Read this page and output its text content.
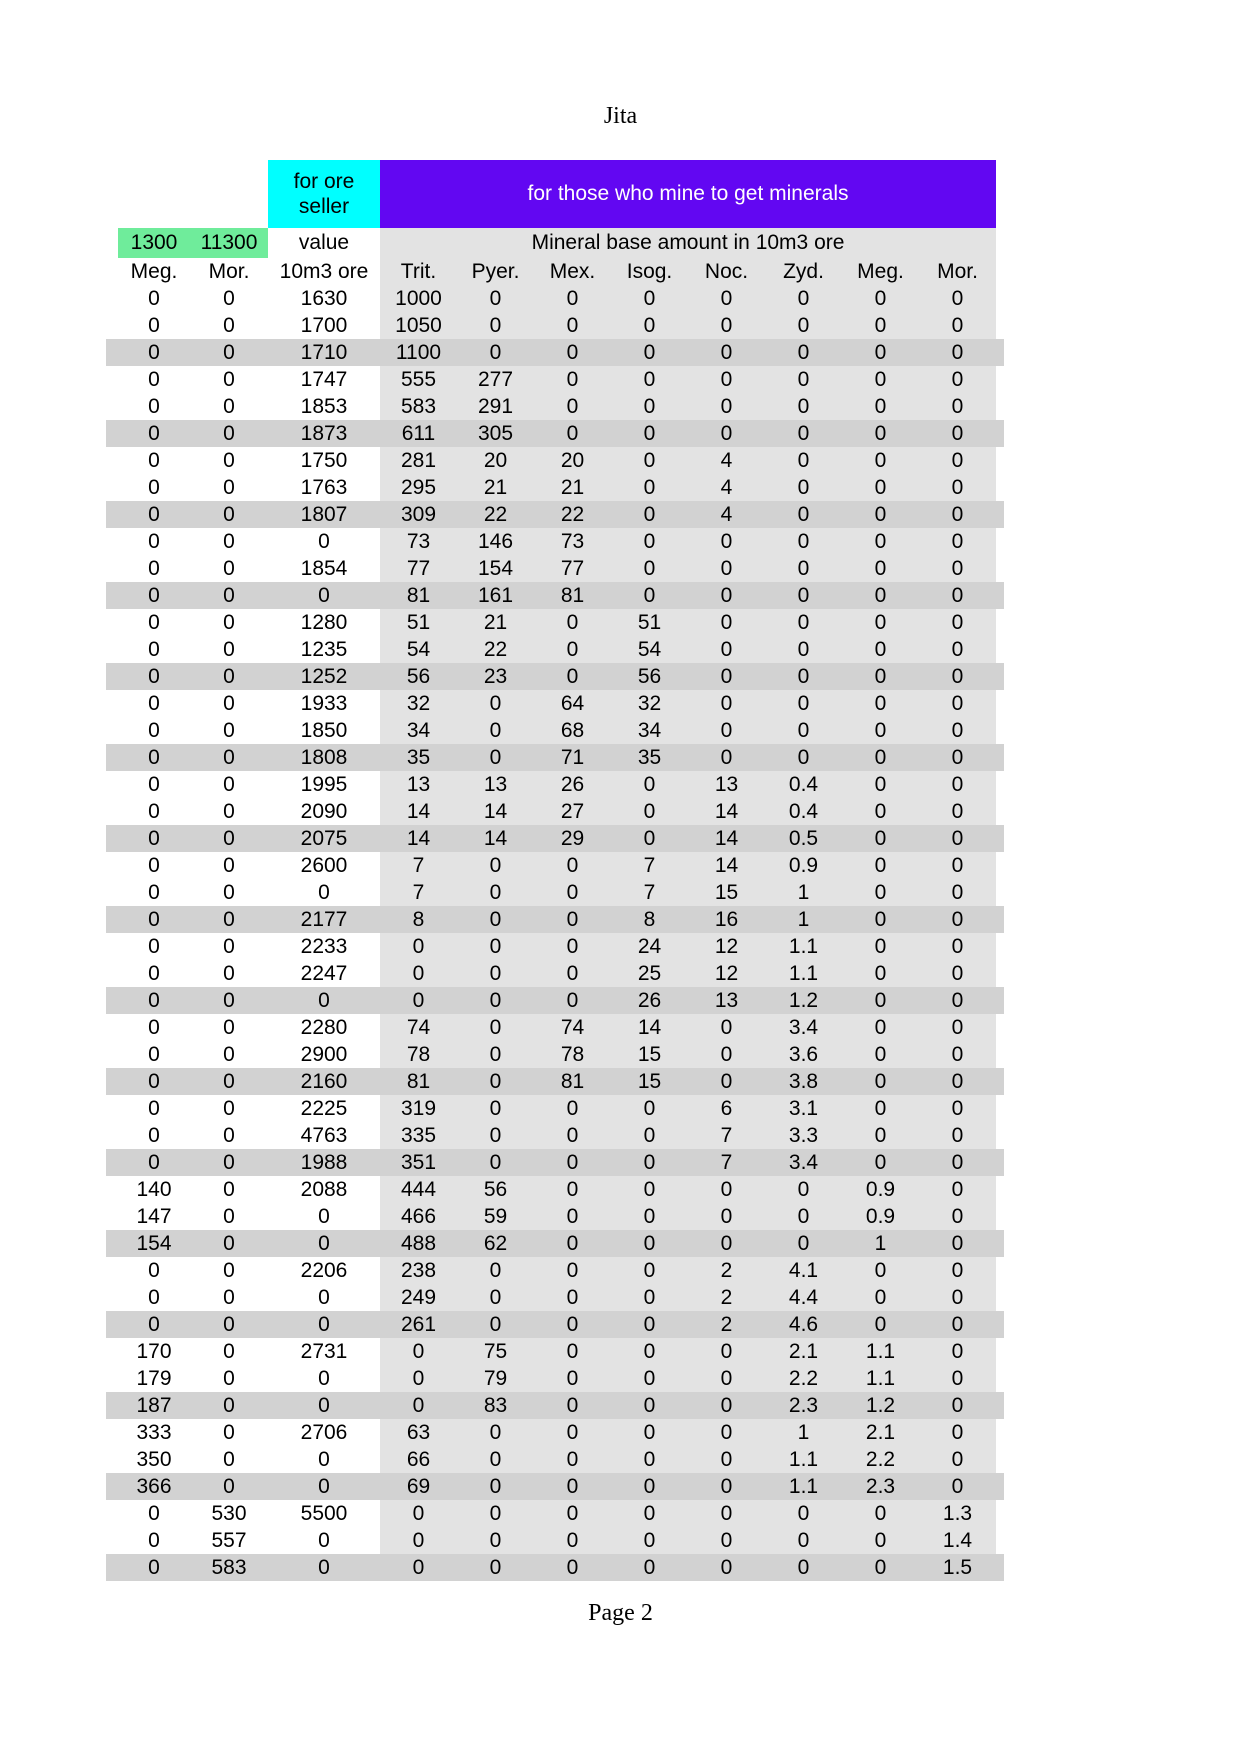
Jita
			for ore seller	for those who mine to get minerals								
	1300	11300	value	Mineral base amount in 10m3 ore								
	Meg.	Mor.	10m3 ore	Trit.	Pyer.	Mex.	Isog.	Noc.	Zyd.	Meg.	Mor.	
	0	0	1630	1000	0	0	0	0	0	0	0	
	0	0	1700	1050	0	0	0	0	0	0	0	
	0	0	1710	1100	0	0	0	0	0	0	0	
	0	0	1747	555	277	0	0	0	0	0	0	
	0	0	1853	583	291	0	0	0	0	0	0	
	0	0	1873	611	305	0	0	0	0	0	0	
	0	0	1750	281	20	20	0	4	0	0	0	
	0	0	1763	295	21	21	0	4	0	0	0	
	0	0	1807	309	22	22	0	4	0	0	0	
	0	0	0	73	146	73	0	0	0	0	0	
	0	0	1854	77	154	77	0	0	0	0	0	
	0	0	0	81	161	81	0	0	0	0	0	
	0	0	1280	51	21	0	51	0	0	0	0	
	0	0	1235	54	22	0	54	0	0	0	0	
	0	0	1252	56	23	0	56	0	0	0	0	
	0	0	1933	32	0	64	32	0	0	0	0	
	0	0	1850	34	0	68	34	0	0	0	0	
	0	0	1808	35	0	71	35	0	0	0	0	
	0	0	1995	13	13	26	0	13	0.4	0	0	
	0	0	2090	14	14	27	0	14	0.4	0	0	
	0	0	2075	14	14	29	0	14	0.5	0	0	
	0	0	2600	7	0	0	7	14	0.9	0	0	
	0	0	0	7	0	0	7	15	1	0	0	
	0	0	2177	8	0	0	8	16	1	0	0	
	0	0	2233	0	0	0	24	12	1.1	0	0	
	0	0	2247	0	0	0	25	12	1.1	0	0	
	0	0	0	0	0	0	26	13	1.2	0	0	
	0	0	2280	74	0	74	14	0	3.4	0	0	
	0	0	2900	78	0	78	15	0	3.6	0	0	
	0	0	2160	81	0	81	15	0	3.8	0	0	
	0	0	2225	319	0	0	0	6	3.1	0	0	
	0	0	4763	335	0	0	0	7	3.3	0	0	
	0	0	1988	351	0	0	0	7	3.4	0	0	
	140	0	2088	444	56	0	0	0	0	0.9	0	
	147	0	0	466	59	0	0	0	0	0.9	0	
	154	0	0	488	62	0	0	0	0	1	0	
	0	0	2206	238	0	0	0	2	4.1	0	0	
	0	0	0	249	0	0	0	2	4.4	0	0	
	0	0	0	261	0	0	0	2	4.6	0	0	
	170	0	2731	0	75	0	0	0	2.1	1.1	0	
	179	0	0	0	79	0	0	0	2.2	1.1	0	
	187	0	0	0	83	0	0	0	2.3	1.2	0	
	333	0	2706	63	0	0	0	0	1	2.1	0	
	350	0	0	66	0	0	0	0	1.1	2.2	0	
	366	0	0	69	0	0	0	0	1.1	2.3	0	
	0	530	5500	0	0	0	0	0	0	0	1.3	
	0	557	0	0	0	0	0	0	0	0	1.4	
	0	583	0	0	0	0	0	0	0	0	1.5	
Page 2
